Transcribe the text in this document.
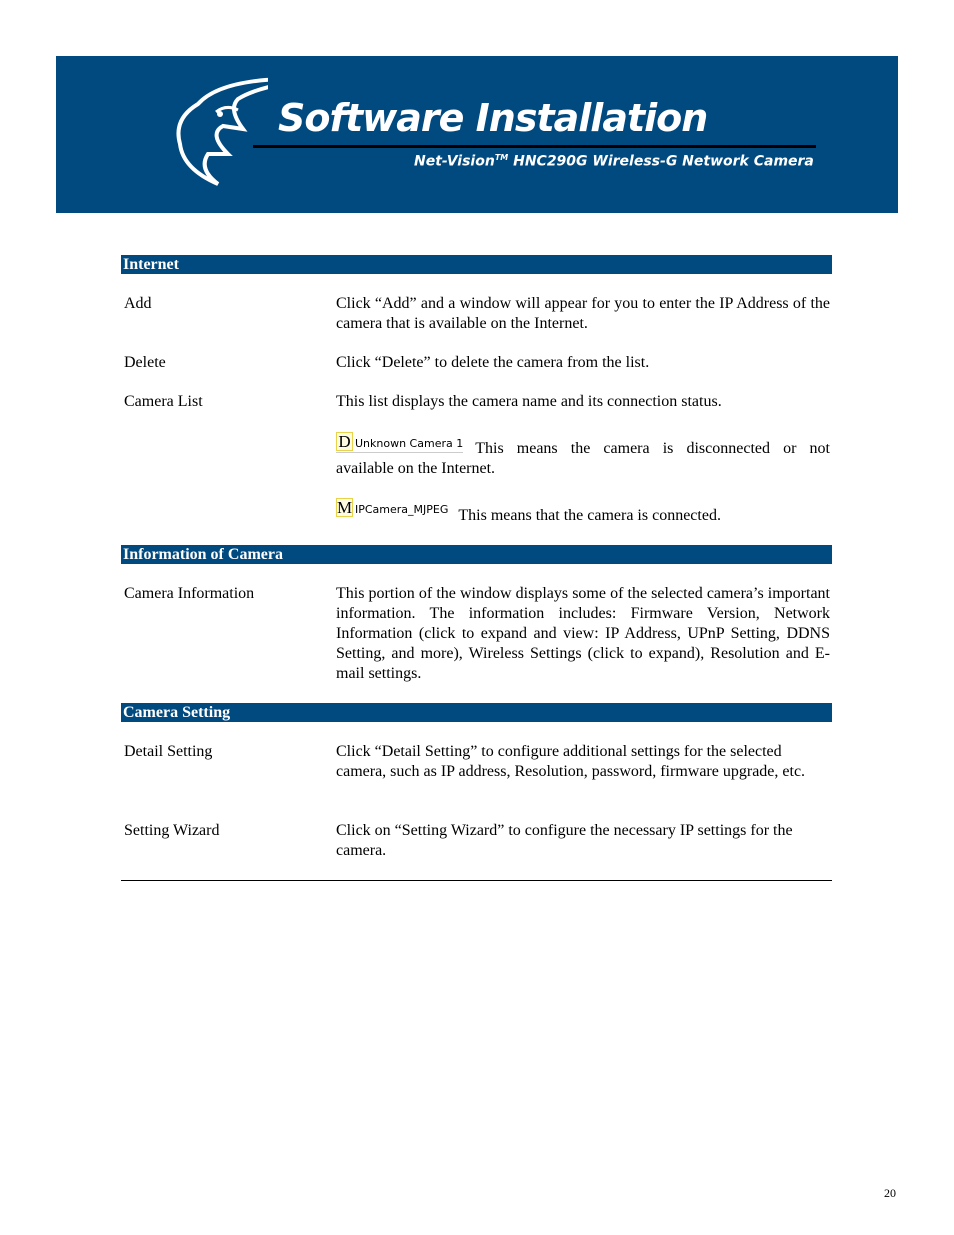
Software Installation
Net-Vision™ HNC290G Wireless-G Network Camera
Internet
Add	Click “Add” and a window will appear for you to enter the IP Address of the camera that is available on the Internet.
Delete	Click “Delete” to delete the camera from the list.
Camera List	This list displays the camera name and its connection status.
D Unknown Camera 1 This means the camera is disconnected or not
available on the Internet.
M IPCamera_MJPEG This means that the camera is connected.
Information of Camera
Camera Information	This portion of the window displays some of the selected camera’s important information. The information includes: Firmware Version, Network Information (click to expand and view: IP Address, UPnP Setting, DDNS Setting, and more), Wireless Settings (click to expand), Resolution and E-mail settings.
Camera Setting
Detail Setting	Click “Detail Setting” to configure additional settings for the selected camera, such as IP address, Resolution, password, firmware upgrade, etc.
Setting Wizard	Click on “Setting Wizard” to configure the necessary IP settings for the camera.
20
